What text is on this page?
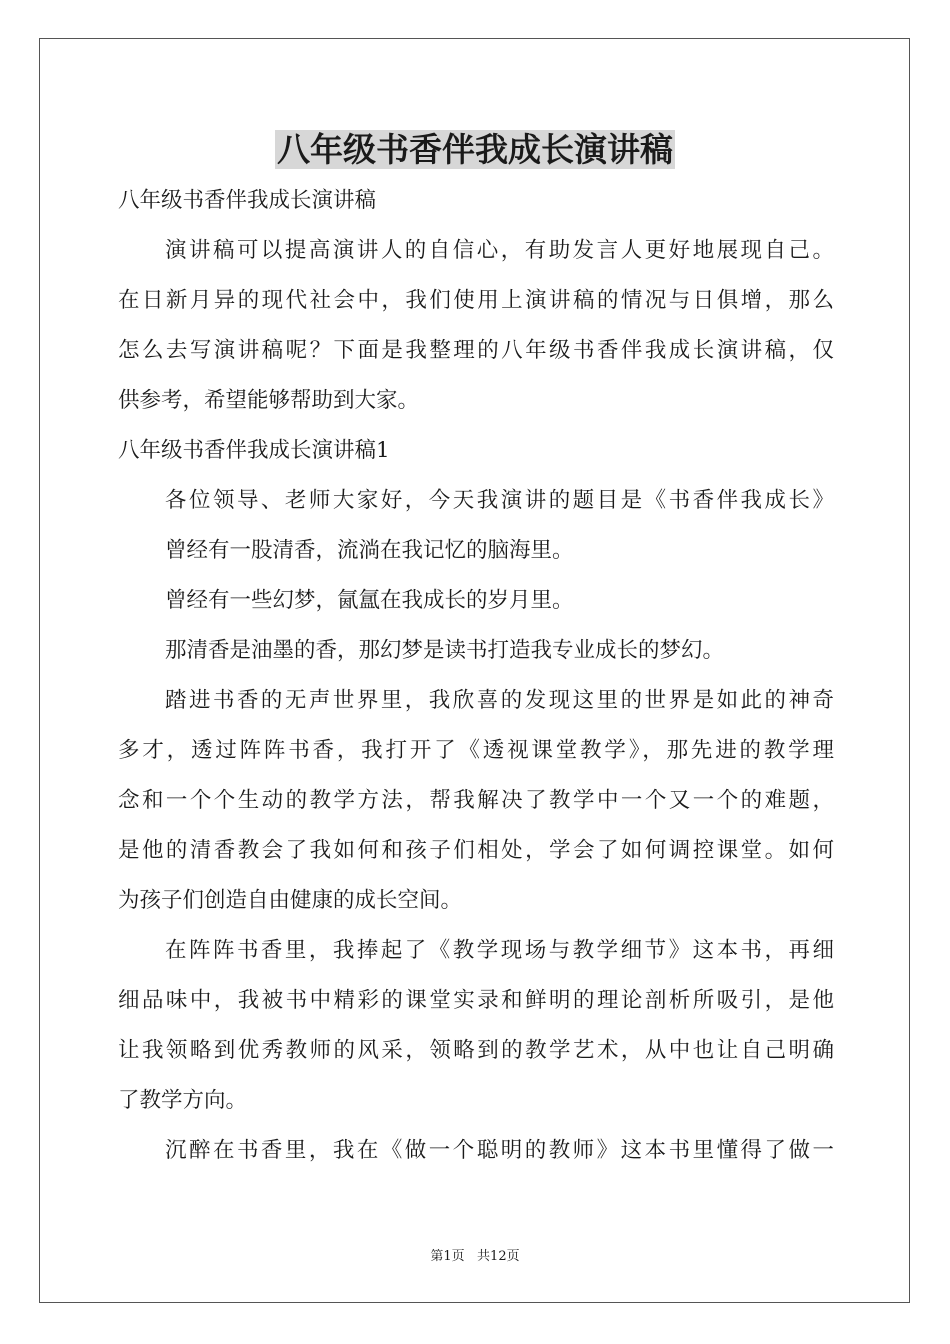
八年级书香伴我成长演讲稿

八年级书香伴我成长演讲稿

演讲稿可以提高演讲人的自信心，有助发言人更好地展现自己。

在日新月异的现代社会中，我们使用上演讲稿的情况与日俱增，那么

怎么去写演讲稿呢？下面是我整理的八年级书香伴我成长演讲稿，仅

供参考，希望能够帮助到大家。

八年级书香伴我成长演讲稿1

各位领导、老师大家好，今天我演讲的题目是《书香伴我成长》

曾经有一股清香，流淌在我记忆的脑海里。

曾经有一些幻梦，氤氲在我成长的岁月里。

那清香是油墨的香，那幻梦是读书打造我专业成长的梦幻。

踏进书香的无声世界里，我欣喜的发现这里的世界是如此的神奇

多才，透过阵阵书香，我打开了《透视课堂教学》，那先进的教学理

念和一个个生动的教学方法，帮我解决了教学中一个又一个的难题，

是他的清香教会了我如何和孩子们相处，学会了如何调控课堂。如何

为孩子们创造自由健康的成长空间。

在阵阵书香里，我捧起了《教学现场与教学细节》这本书，再细

细品味中，我被书中精彩的课堂实录和鲜明的理论剖析所吸引，是他

让我领略到优秀教师的风采，领略到的教学艺术，从中也让自己明确

了教学方向。

沉醉在书香里，我在《做一个聪明的教师》这本书里懂得了做一

第1页   共12页
